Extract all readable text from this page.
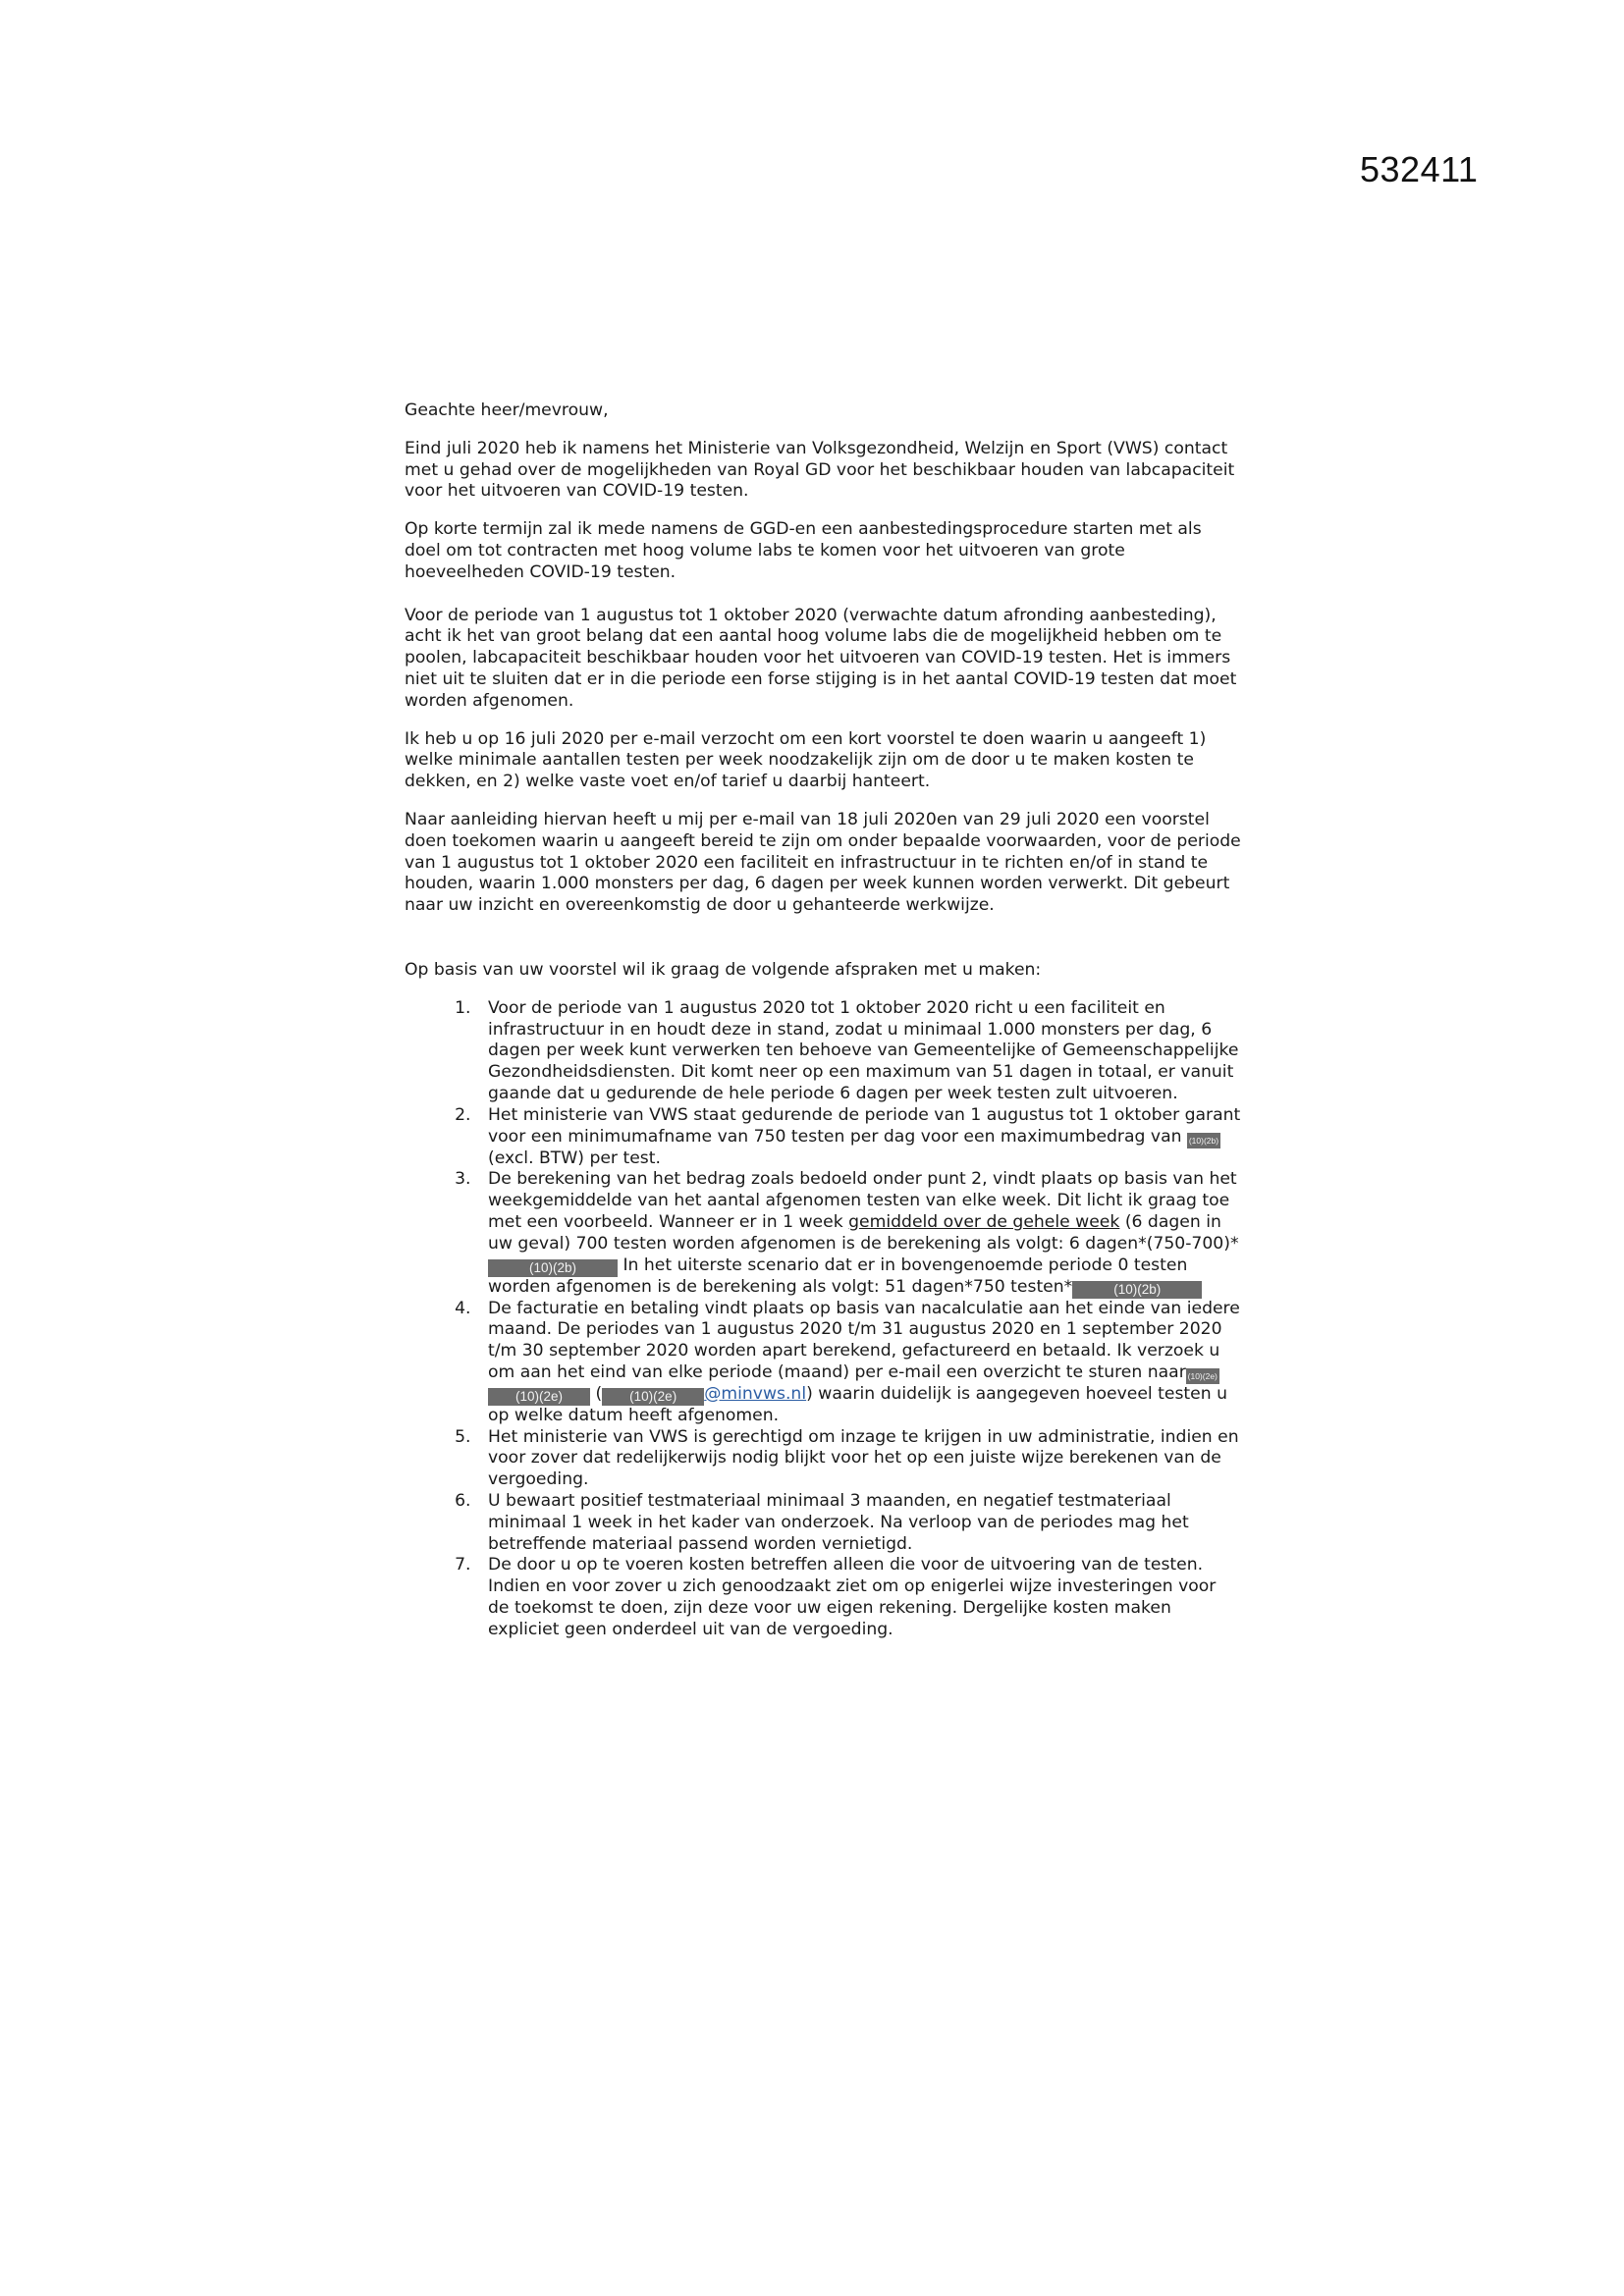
532411

Geachte heer/mevrouw,

Eind juli 2020 heb ik namens het Ministerie van Volksgezondheid, Welzijn en Sport (VWS) contact met u gehad over de mogelijkheden van Royal GD voor het beschikbaar houden van labcapaciteit voor het uitvoeren van COVID-19 testen.

Op korte termijn zal ik mede namens de GGD-en een aanbestedingsprocedure starten met als doel om tot contracten met hoog volume labs te komen voor het uitvoeren van grote hoeveelheden COVID-19 testen.

Voor de periode van 1 augustus tot 1 oktober 2020 (verwachte datum afronding aanbesteding), acht ik het van groot belang dat een aantal hoog volume labs die de mogelijkheid hebben om te poolen, labcapaciteit beschikbaar houden voor het uitvoeren van COVID-19 testen. Het is immers niet uit te sluiten dat er in die periode een forse stijging is in het aantal COVID-19 testen dat moet worden afgenomen.

Ik heb u op 16 juli 2020 per e-mail verzocht om een kort voorstel te doen waarin u aangeeft 1) welke minimale aantallen testen per week noodzakelijk zijn om de door u te maken kosten te dekken, en 2) welke vaste voet en/of tarief u daarbij hanteert.

Naar aanleiding hiervan heeft u mij per e-mail van 18 juli 2020en van 29 juli 2020 een voorstel doen toekomen waarin u aangeeft bereid te zijn om onder bepaalde voorwaarden, voor de periode van 1 augustus tot 1 oktober 2020 een faciliteit en infrastructuur in te richten en/of in stand te houden, waarin 1.000 monsters per dag, 6 dagen per week kunnen worden verwerkt. Dit gebeurt naar uw inzicht en overeenkomstig de door u gehanteerde werkwijze.

Op basis van uw voorstel wil ik graag de volgende afspraken met u maken:

1. Voor de periode van 1 augustus 2020 tot 1 oktober 2020 richt u een faciliteit en infrastructuur in en houdt deze in stand, zodat u minimaal 1.000 monsters per dag, 6 dagen per week kunt verwerken ten behoeve van Gemeentelijke of Gemeenschappelijke Gezondheidsdiensten. Dit komt neer op een maximum van 51 dagen in totaal, er vanuit gaande dat u gedurende de hele periode 6 dagen per week testen zult uitvoeren.
2. Het ministerie van VWS staat gedurende de periode van 1 augustus tot 1 oktober garant voor een minimumafname van 750 testen per dag voor een maximumbedrag van (10)(2b)
(excl. BTW) per test.
3. De berekening van het bedrag zoals bedoeld onder punt 2, vindt plaats op basis van het weekgemiddelde van het aantal afgenomen testen van elke week. Dit licht ik graag toe met een voorbeeld. Wanneer er in 1 week gemiddeld over de gehele week (6 dagen in uw geval) 700 testen worden afgenomen is de berekening als volgt: 6 dagen*(750-700)*
(10)(2b)	In het uiterste scenario dat er in bovengenoemde periode 0 testen worden afgenomen is de berekening als volgt: 51 dagen*750 testen*	(10)(2b)
4. De facturatie en betaling vindt plaats op basis van nacalculatie aan het einde van iedere maand. De periodes van 1 augustus 2020 t/m 31 augustus 2020 en 1 september 2020 t/m 30 september 2020 worden apart berekend, gefactureerd en betaald. Ik verzoek u om aan het eind van elke periode (maand) per e-mail een overzicht te sturen naar (10)(2e)
(10)(2e) ( (10)(2e) @minvws.nl) waarin duidelijk is aangegeven hoeveel testen u op welke datum heeft afgenomen.
5. Het ministerie van VWS is gerechtigd om inzage te krijgen in uw administratie, indien en voor zover dat redelijkerwijs nodig blijkt voor het op een juiste wijze berekenen van de vergoeding.
6. U bewaart positief testmateriaal minimaal 3 maanden, en negatief testmateriaal minimaal 1 week in het kader van onderzoek. Na verloop van de periodes mag het betreffende materiaal passend worden vernietigd.
7. De door u op te voeren kosten betreffen alleen die voor de uitvoering van de testen. Indien en voor zover u zich genoodzaakt ziet om op enigerlei wijze investeringen voor de toekomst te doen, zijn deze voor uw eigen rekening. Dergelijke kosten maken expliciet geen onderdeel uit van de vergoeding.
